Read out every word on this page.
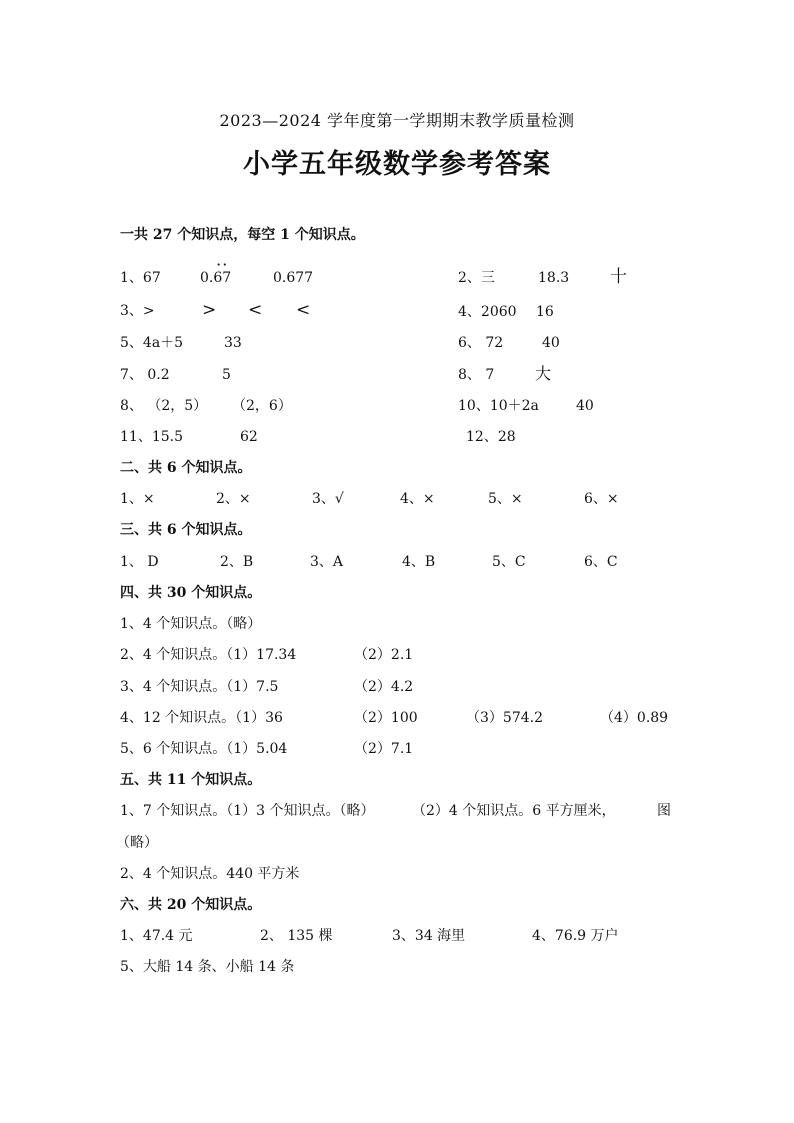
2023—2024 学年度第一学期期末教学质量检测
小学五年级数学参考答案
一共 27 个知识点，每空 1 个知识点。
1、67	0.·· 67	0.677	2、三	18.3 十
3、>	> < <	4、2060 16
5、4a＋5	33	6、 72	40
7、 0.2	5	8、 7	大
8、 （2，5） （2，6）	10、10＋2a	40
11、15.5	62	12、28
二、共 6 个知识点。
1、×	2、×	3、√	4、×	5、×	6、×
三、共 6 个知识点。
1、 D	2、B	3、A	4、B	5、C	6、C
四、共 30 个知识点。
1、4 个知识点。（略）
2、4 个知识点。（1）17.34	（2）2.1
3、4 个知识点。（1）7.5	（2）4.2
4、12 个知识点。（1）36	（2）100	（3）574.2	（4）0.89
5、6 个知识点。（1）5.04	（2）7.1
五、共 11 个知识点。
1、7 个知识点。（1）3 个知识点。（略）	（2）4 个知识点。6 平方厘米，	图
（略）
2、4 个知识点。440 平方米
六、共 20 个知识点。
1、47.4 元	2、 135 棵	3、34 海里	4、76.9 万户
5、大船 14 条、小船 14 条
